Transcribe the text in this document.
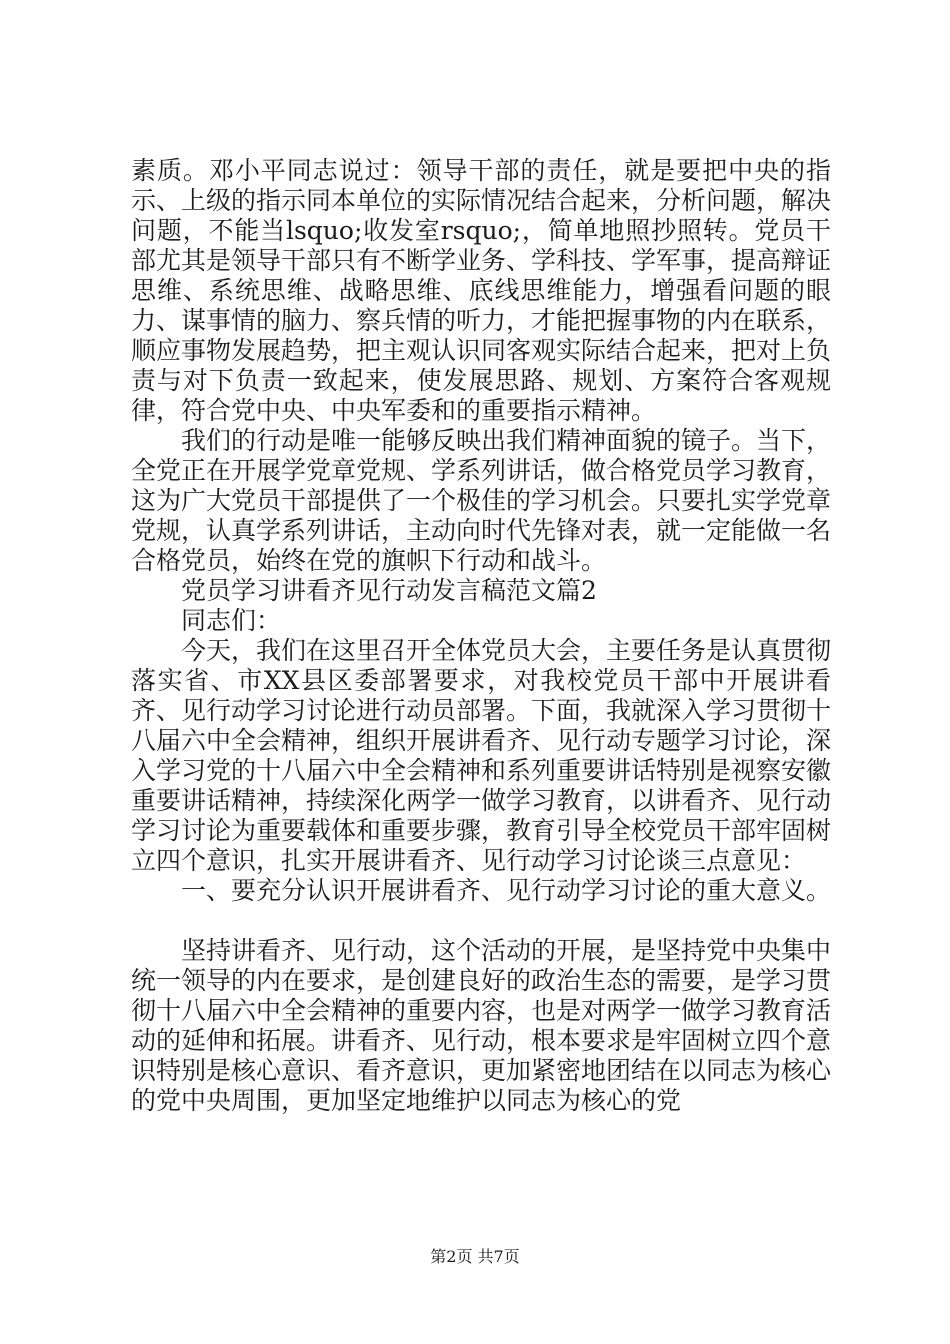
素质。邓小平同志说过：领导干部的责任，就是要把中央的指示、上级的指示同本单位的实际情况结合起来，分析问题，解决问题，不能当lsquo;收发室rsquo;，简单地照抄照转。党员干部尤其是领导干部只有不断学业务、学科技、学军事，提高辩证思维、系统思维、战略思维、底线思维能力，增强看问题的眼力、谋事情的脑力、察兵情的听力，才能把握事物的内在联系，顺应事物发展趋势，把主观认识同客观实际结合起来，把对上负责与对下负责一致起来，使发展思路、规划、方案符合客观规律，符合党中央、中央军委和的重要指示精神。

我们的行动是唯一能够反映出我们精神面貌的镜子。当下，全党正在开展学党章党规、学系列讲话，做合格党员学习教育，这为广大党员干部提供了一个极佳的学习机会。只要扎实学党章党规，认真学系列讲话，主动向时代先锋对表，就一定能做一名合格党员，始终在党的旗帜下行动和战斗。

党员学习讲看齐见行动发言稿范文篇2

同志们：

今天，我们在这里召开全体党员大会，主要任务是认真贯彻落实省、市XX县区委部署要求，对我校党员干部中开展讲看齐、见行动学习讨论进行动员部署。下面，我就深入学习贯彻十八届六中全会精神，组织开展讲看齐、见行动专题学习讨论，深入学习党的十八届六中全会精神和系列重要讲话特别是视察安徽重要讲话精神，持续深化两学一做学习教育，以讲看齐、见行动学习讨论为重要载体和重要步骤，教育引导全校党员干部牢固树立四个意识，扎实开展讲看齐、见行动学习讨论谈三点意见：

一、要充分认识开展讲看齐、见行动学习讨论的重大意义。

坚持讲看齐、见行动，这个活动的开展，是坚持党中央集中统一领导的内在要求，是创建良好的政治生态的需要，是学习贯彻十八届六中全会精神的重要内容，也是对两学一做学习教育活动的延伸和拓展。讲看齐、见行动，根本要求是牢固树立四个意识特别是核心意识、看齐意识，更加紧密地团结在以同志为核心的党中央周围，更加坚定地维护以同志为核心的党

第2页 共7页
